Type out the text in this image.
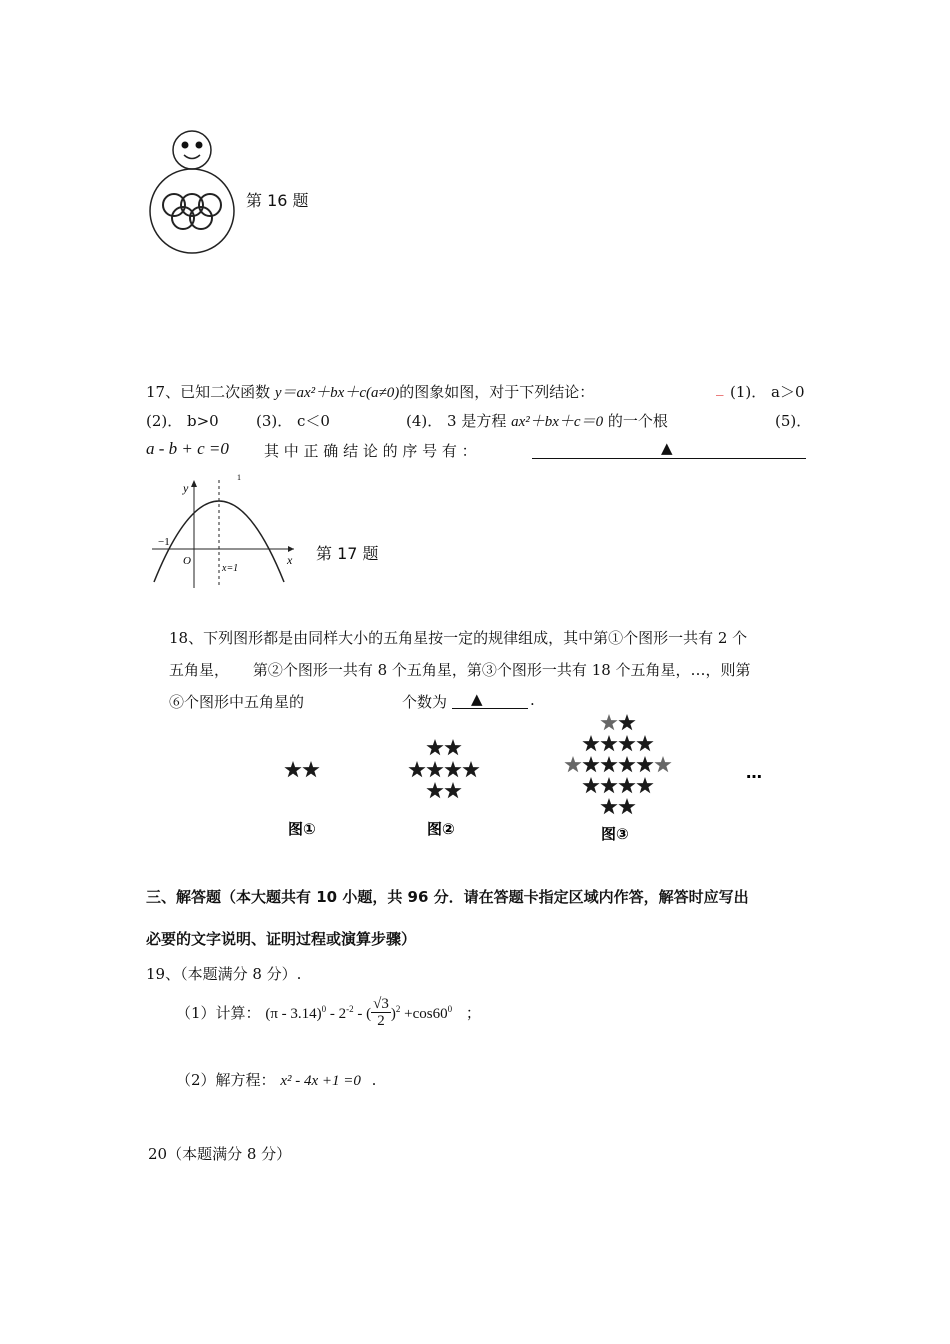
第 16 题
17、已知二次函数 y＝ax²＋bx＋c(a≠0)的图象如图，对于下列结论：	_ (1)． a＞0
(2)． b>0 (3)． c＜0	(4)． 3 是方程 ax²＋bx＋c＝0 的一个根	(5)．
a - b + c =0 其 中 正 确 结 论 的 序 号 有 ：	▲
y
x
O
−1
x=1
1
第 17 题
18、下列图形都是由同样大小的五角星按一定的规律组成，其中第①个图形一共有 2 个
五角星，     第②个图形一共有 8 个五角星，第③个图形一共有 18 个五角星，…，则第
⑥个图形中五角星的	个数为 ▲	.
图①	图②	图③
…
三、解答题（本大题共有 10 小题，共 96 分．请在答题卡指定区域内作答，解答时应写出
必要的文字说明、证明过程或演算步骤）
19、（本题满分 8 分）.
（1）计算： $(\pi - 3.14)^0 - 2^{-2}$ - ( $\frac{√3}{2} )^2 +\cos 60^0$ ；
（2）解方程： x² - 4x +1 =0 .
20（本题满分 8 分）
